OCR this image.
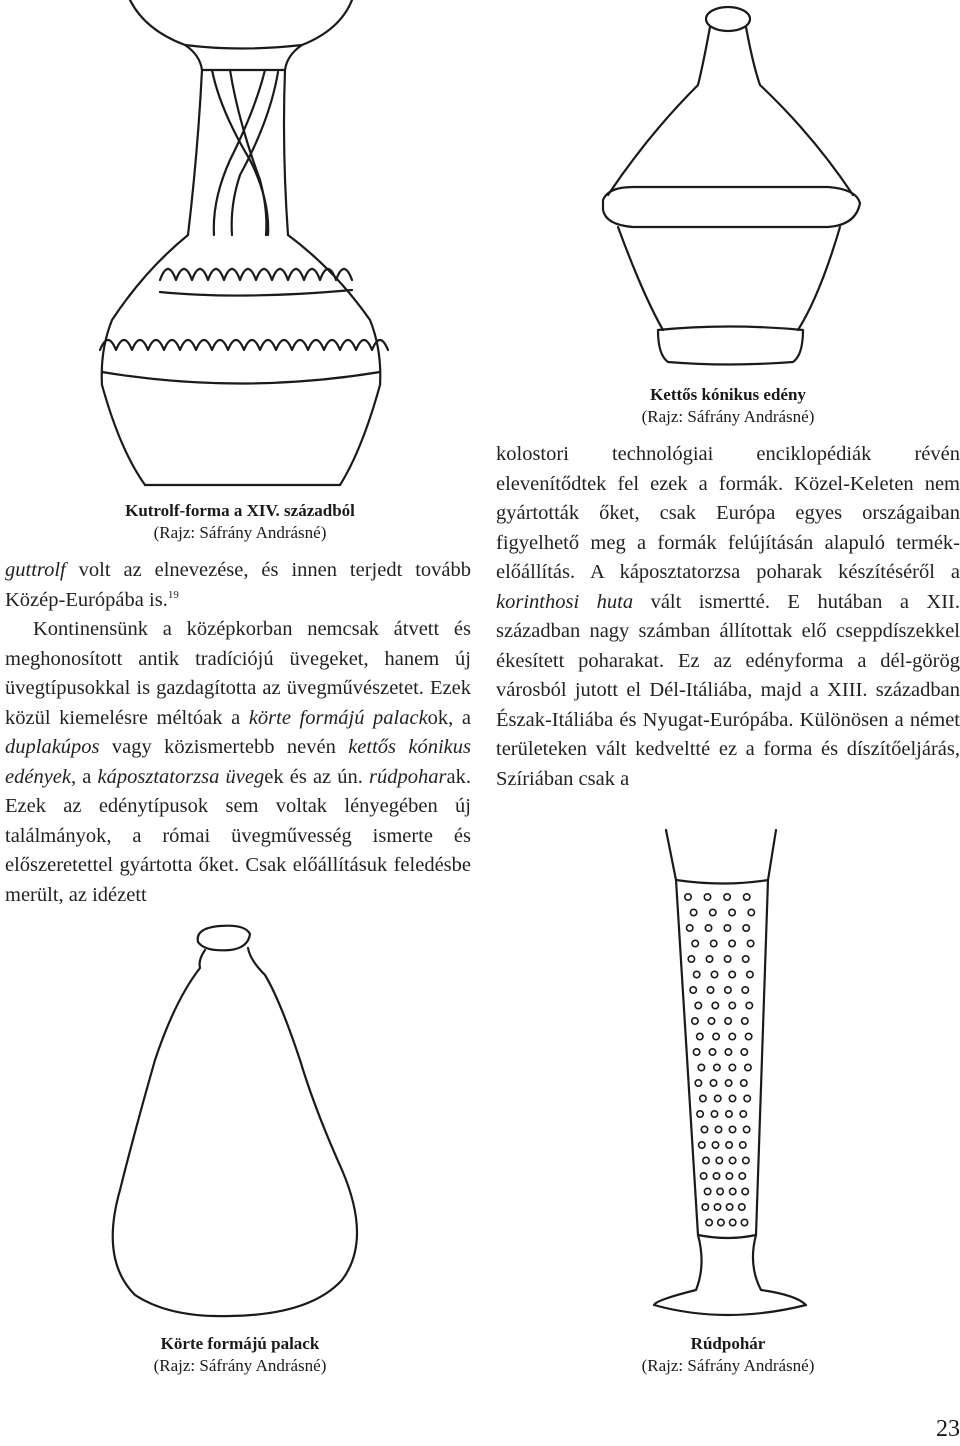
Kutrolf-forma a XIV. századból
(Rajz: Sáfrány Andrásné)
Kettős kónikus edény
(Rajz: Sáfrány Andrásné)

guttrolf volt az elnevezése, és innen terjedt tovább Közép-Európába is.$^{19}$

Kontinensünk a középkorban nemcsak átvett és meghonosított antik tradíciójú üvegeket, hanem új üvegtípusokkal is gazdagította az üvegművészetet. Ezek közül kiemelésre méltóak a körte formájú palackok, a duplakúpos vagy közismertebb nevén kettős kónikus edények, a káposztatorzsa üvegek és az ún. rúdpoharak. Ezek az edénytípusok sem voltak lényegében új találmányok, a római üvegművesség ismerte és előszeretettel gyártotta őket. Csak előállításuk feledésbe merült, az idézett

kolostori technológiai enciklopédiák révén elevenítődtek fel ezek a formák. Közel-Keleten nem gyártották őket, csak Európa egyes országaiban figyelhető meg a formák felújításán alapuló termék-előállítás. A káposztatorzsa poharak készítéséről a korinthosi huta vált ismertté. E hutában a XII. században nagy számban állítottak elő cseppdíszekkel ékesített poharakat. Ez az edényforma a dél-görög városból jutott el Dél-Itáliába, majd a XIII. században Észak-Itáliába és Nyugat-Európába. Különösen a német területeken vált kedveltté ez a forma és díszítőeljárás, Szíriában csak a

Körte formájú palack
(Rajz: Sáfrány Andrásné)
Rúdpohár
(Rajz: Sáfrány Andrásné)
23
